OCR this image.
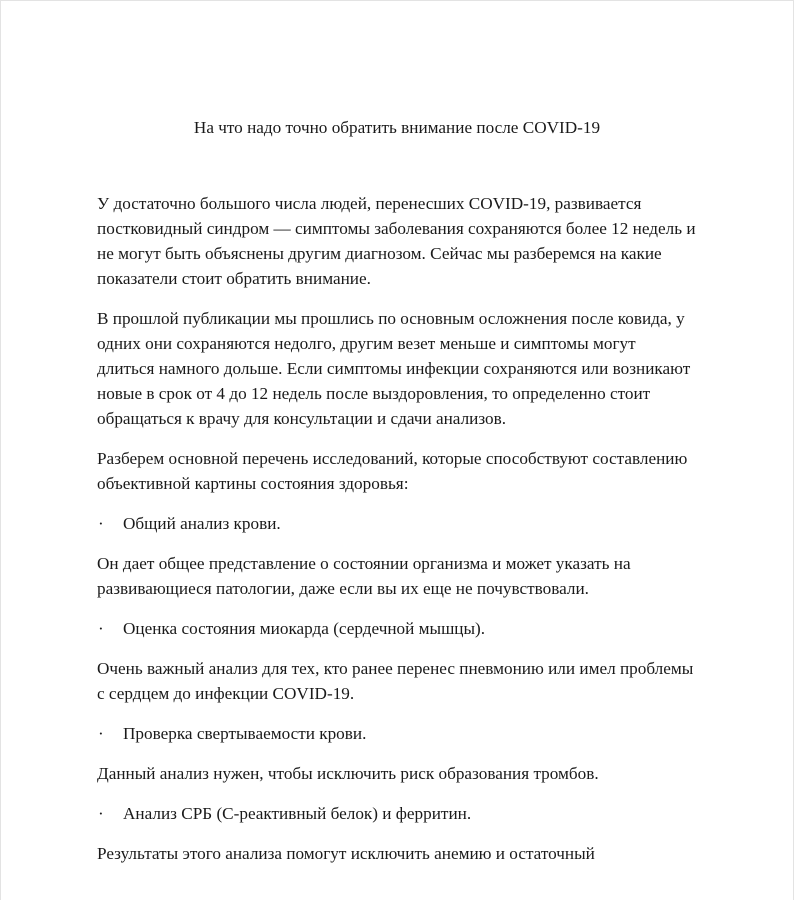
На что надо точно обратить внимание после COVID-19

У достаточно большого числа людей, перенесших COVID-19, развивается постковидный синдром — симптомы заболевания сохраняются более 12 недель и не могут быть объяснены другим диагнозом. Сейчас мы разберемся на какие показатели стоит обратить внимание.

В прошлой публикации мы прошлись по основным осложнения после ковида, у одних они сохраняются недолго, другим везет меньше и симптомы могут длиться намного дольше. Если симптомы инфекции сохраняются или возникают новые в срок от 4 до 12 недель после выздоровления, то определенно стоит обращаться к врачу для консультации и сдачи анализов.

Разберем основной перечень исследований, которые способствуют составлению объективной картины состояния здоровья:

·	Общий анализ крови.

Он дает общее представление о состоянии организма и может указать на развивающиеся патологии, даже если вы их еще не почувствовали.

·	Оценка состояния миокарда (сердечной мышцы).

Очень важный анализ для тех, кто ранее перенес пневмонию или имел проблемы с сердцем до инфекции COVID-19.

·	Проверка свертываемости крови.

Данный анализ нужен, чтобы исключить риск образования тромбов.

·	Анализ СРБ (С-реактивный белок) и ферритин.

Результаты этого анализа помогут исключить анемию и остаточный
